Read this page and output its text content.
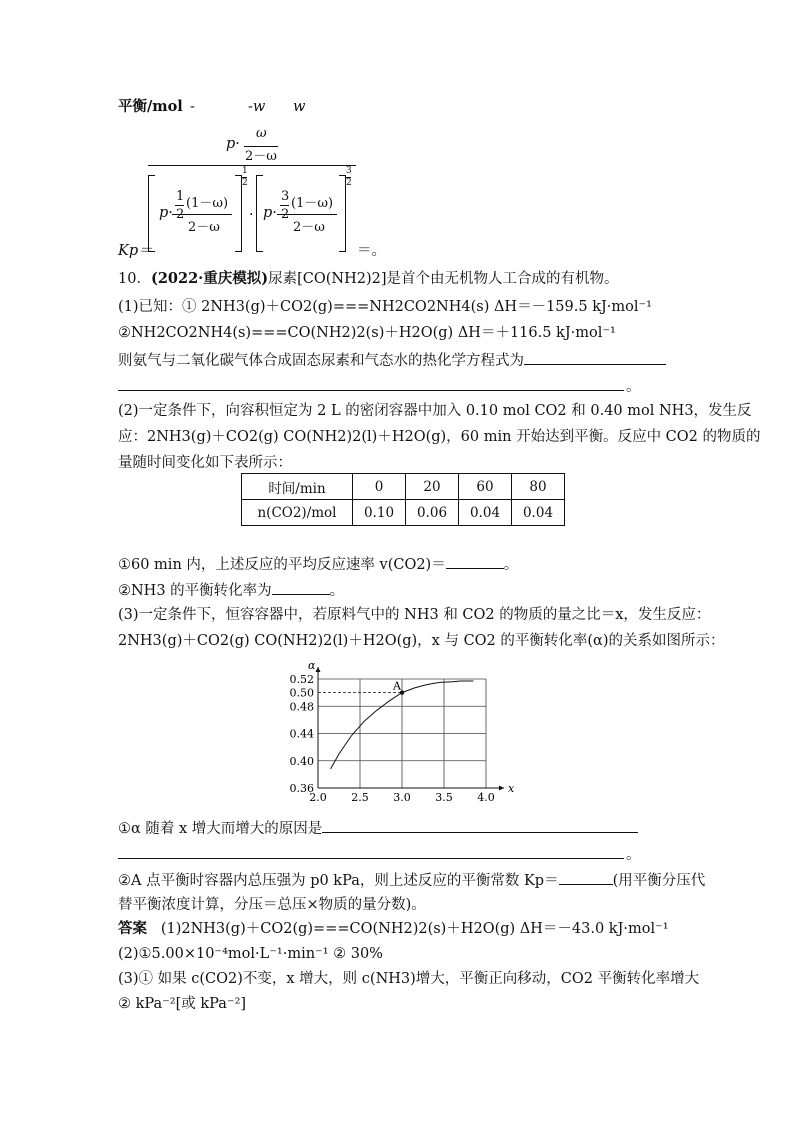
平衡/mol -	-w w
p·
ω
2－ω
p·
1
2
(1－ω)
2－ω
1
2
· p·
3
2
(1－ω)
2－ω
3
2
Kp＝	＝。
10．(2022·重庆模拟)尿素[CO(NH2)2]是首个由无机物人工合成的有机物。
(1)已知：① 2NH3(g)＋CO2(g)===NH2CO2NH4(s) ΔH＝－159.5 kJ·mol⁻¹
②NH2CO2NH4(s)===CO(NH2)2(s)＋H2O(g) ΔH＝＋116.5 kJ·mol⁻¹
则氨气与二氧化碳气体合成固态尿素和气态水的热化学方程式为
。
(2)一定条件下，向容积恒定为 2 L 的密闭容器中加入 0.10 mol CO2 和 0.40 mol NH3，发生反
应：2NH3(g)＋CO2(g) CO(NH2)2(l)＋H2O(g)，60 min 开始达到平衡。反应中 CO2 的物质的
量随时间变化如下表所示：
时间/min	0	20	60	80
n(CO2)/mol	0.10	0.06	0.04	0.04
①60 min 内，上述反应的平均反应速率 v(CO2)＝	。
②NH3 的平衡转化率为	。
(3)一定条件下，恒容容器中，若原料气中的 NH3 和 CO2 的物质的量之比＝x，发生反应：
2NH3(g)＋CO2(g) CO(NH2)2(l)＋H2O(g)，x 与 CO2 的平衡转化率(α)的关系如图所示：
2.0 2.5 3.0 3.5 4.0
0.36
0.40
0.44
0.48
0.50
0.52
x
α
A
①α 随着 x 增大而增大的原因是
。
②A 点平衡时容器内总压强为 p0 kPa，则上述反应的平衡常数 Kp＝	(用平衡分压代
替平衡浓度计算，分压＝总压×物质的量分数)。
答案 (1)2NH3(g)＋CO2(g)===CO(NH2)2(s)＋H2O(g) ΔH＝－43.0 kJ·mol⁻¹
(2)①5.00×10⁻⁴mol·L⁻¹·min⁻¹ ② 30%
(3)① 如果 c(CO2)不变，x 增大，则 c(NH3)增大，平衡正向移动，CO2 平衡转化率增大
② kPa⁻²[或 kPa⁻²]
